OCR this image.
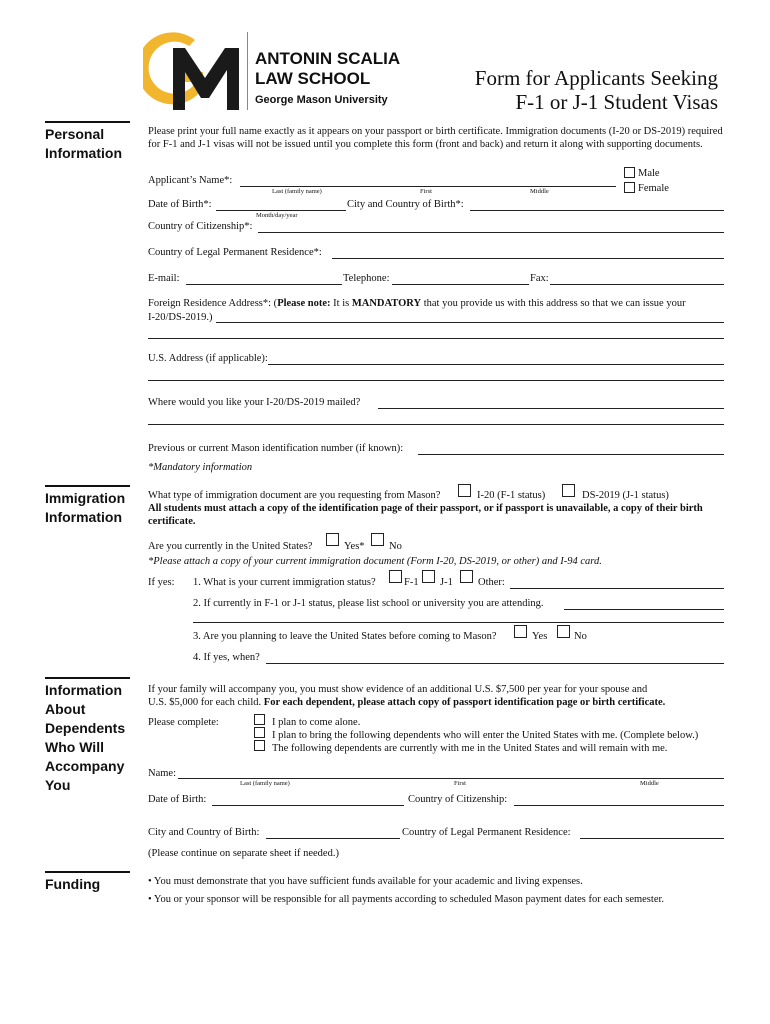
TM
ANTONIN SCALIA
LAW SCHOOL
George Mason University
Form for Applicants Seeking
F-1 or J-1 Student Visas
Personal
Information
Please print your full name exactly as it appears on your passport or birth certificate. Immigration documents (I-20 or DS-2019) required for F-1 and J-1 visas will not be issued until you complete this form (front and back) and return it along with supporting documents.
Applicant’s Name*:
Last (family name)	First	Middle
Male
Female
Date of Birth*:
Month/day/year
City and Country of Birth*:
Country of Citizenship*:
Country of Legal Permanent Residence*:
E-mail:	Telephone:	Fax:
Foreign Residence Address*: (Please note: It is MANDATORY that you provide us with this address so that we can issue your
I-20/DS-2019.)
U.S. Address (if applicable):
Where would you like your I-20/DS-2019 mailed?
Previous or current Mason identification number (if known):
*Mandatory information
Immigration
Information
What type of immigration document are you requesting from Mason?	I-20 (F-1 status)	DS-2019 (J-1 status)
All students must attach a copy of the identification page of their passport, or if passport is unavailable, a copy of their birth certificate.
Are you currently in the United States?	Yes* No
*Please attach a copy of your current immigration document (Form I-20, DS-2019, or other) and I-94 card.
If yes: 1. What is your current immigration status?	F-1 J-1 Other:
2. If currently in F-1 or J-1 status, please list school or university you are attending.
3. Are you planning to leave the United States before coming to Mason?	Yes	No
4. If yes, when?
Information
About
Dependents
Who Will
Accompany
You
If your family will accompany you, you must show evidence of an additional U.S. $7,500 per year for your spouse and
U.S. $5,000 for each child. For each dependent, please attach copy of passport identification page or birth certificate.
Please complete:	I plan to come alone.
I plan to bring the following dependents who will enter the United States with me. (Complete below.)
The following dependents are currently with me in the United States and will remain with me.
Name:
Last (family name)	First	Middle
Date of Birth:	Country of Citizenship:
City and Country of Birth:	Country of Legal Permanent Residence:
(Please continue on separate sheet if needed.)
Funding	• You must demonstrate that you have sufficient funds available for your academic and living expenses.
• You or your sponsor will be responsible for all payments according to scheduled Mason payment dates for each semester.
